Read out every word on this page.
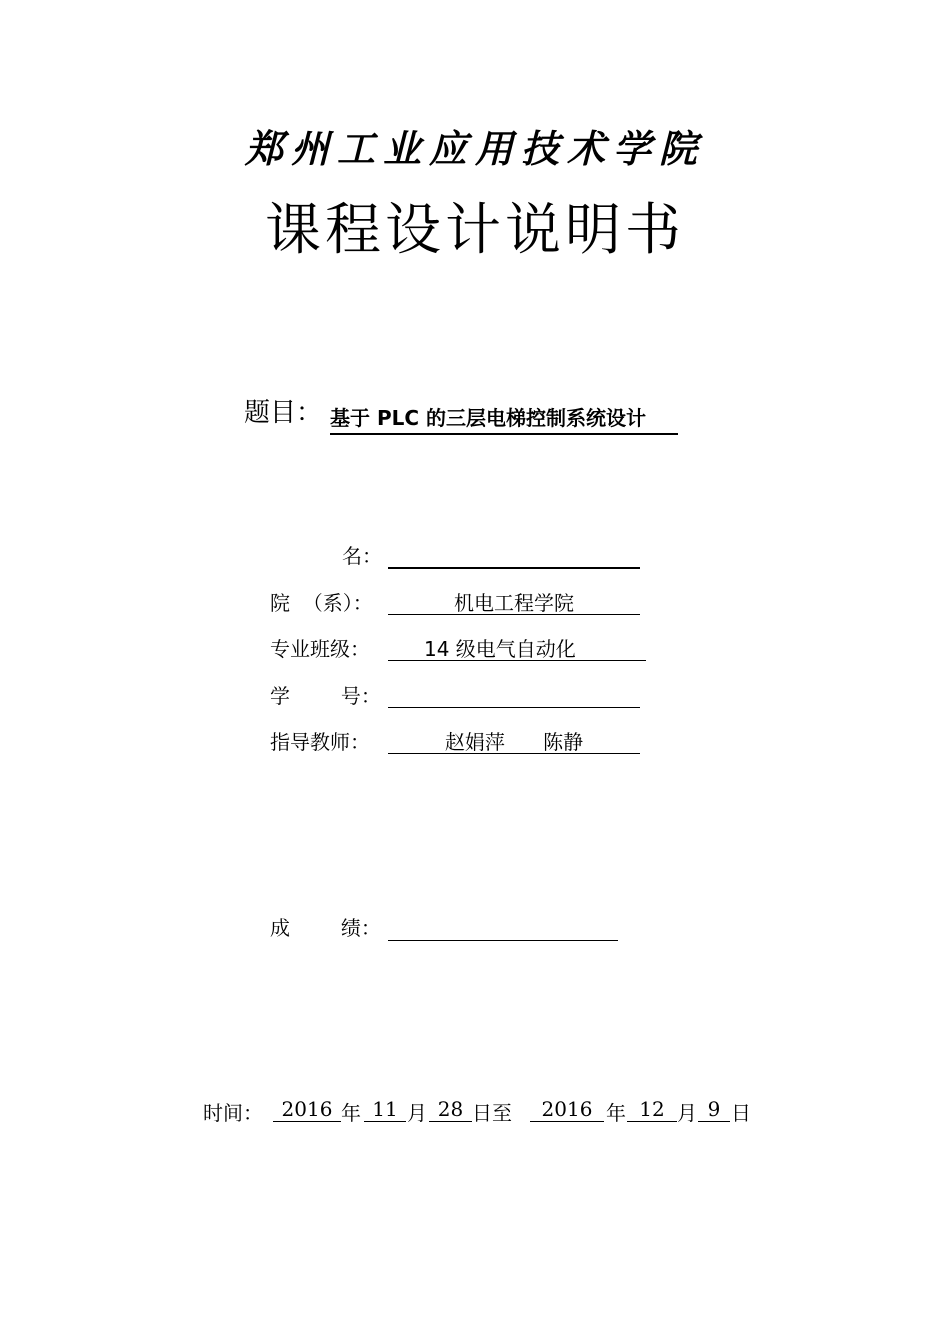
郑州工业应用技术学院
课程设计说明书
题目： 基于 PLC 的三层电梯控制系统设计
名：
院  （系）：	机电工程学院
专业班级：	14 级电气自动化
学        号：
指导教师：	赵娟萍      陈静
成        绩：
时间： 2016 年 11 月 28 日至	2016 年 12 月 9 日
